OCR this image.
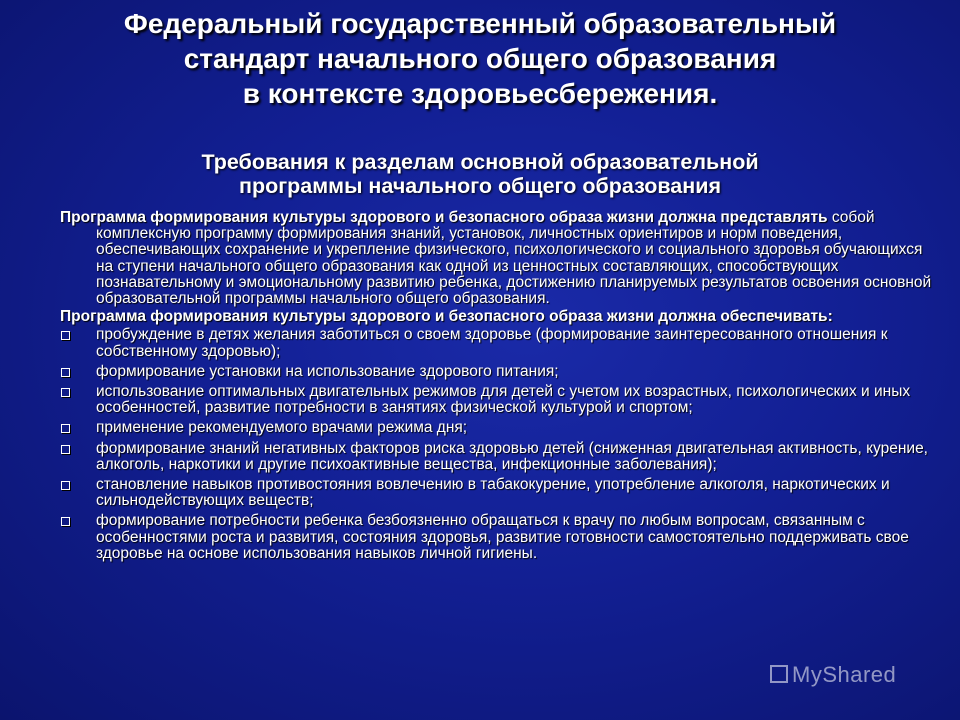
Федеральный государственный образовательный
стандарт начального общего образования
в контексте здоровьесбережения.
Требования к разделам основной образовательной
программы начального общего образования
Программа формирования культуры здорового и безопасного образа жизни должна представлять собой комплексную программу формирования знаний, установок, личностных ориентиров и норм поведения, обеспечивающих сохранение и укрепление физического, психологического и социального здоровья обучающихся на ступени начального общего образования как одной из ценностных составляющих, способствующих познавательному и эмоциональному развитию ребенка, достижению планируемых результатов освоения основной образовательной программы начального общего образования.
Программа формирования культуры здорового и безопасного образа жизни должна обеспечивать:
пробуждение в детях желания заботиться о своем здоровье (формирование заинтересованного отношения к собственному здоровью);
формирование установки на использование здорового питания;
использование оптимальных двигательных режимов для детей с учетом их возрастных, психологических и иных особенностей, развитие потребности в занятиях физической культурой и спортом;
применение рекомендуемого врачами режима дня;
формирование знаний негативных факторов риска здоровью детей (сниженная двигательная активность, курение, алкоголь, наркотики и другие психоактивные вещества, инфекционные заболевания);
становление навыков противостояния вовлечению в табакокурение, употребление алкоголя, наркотических и сильнодействующих веществ;
формирование потребности ребенка безбоязненно обращаться к врачу по любым вопросам, связанным с особенностями роста и развития, состояния здоровья, развитие готовности самостоятельно поддерживать свое здоровье на основе использования навыков личной гигиены.
MyShared
